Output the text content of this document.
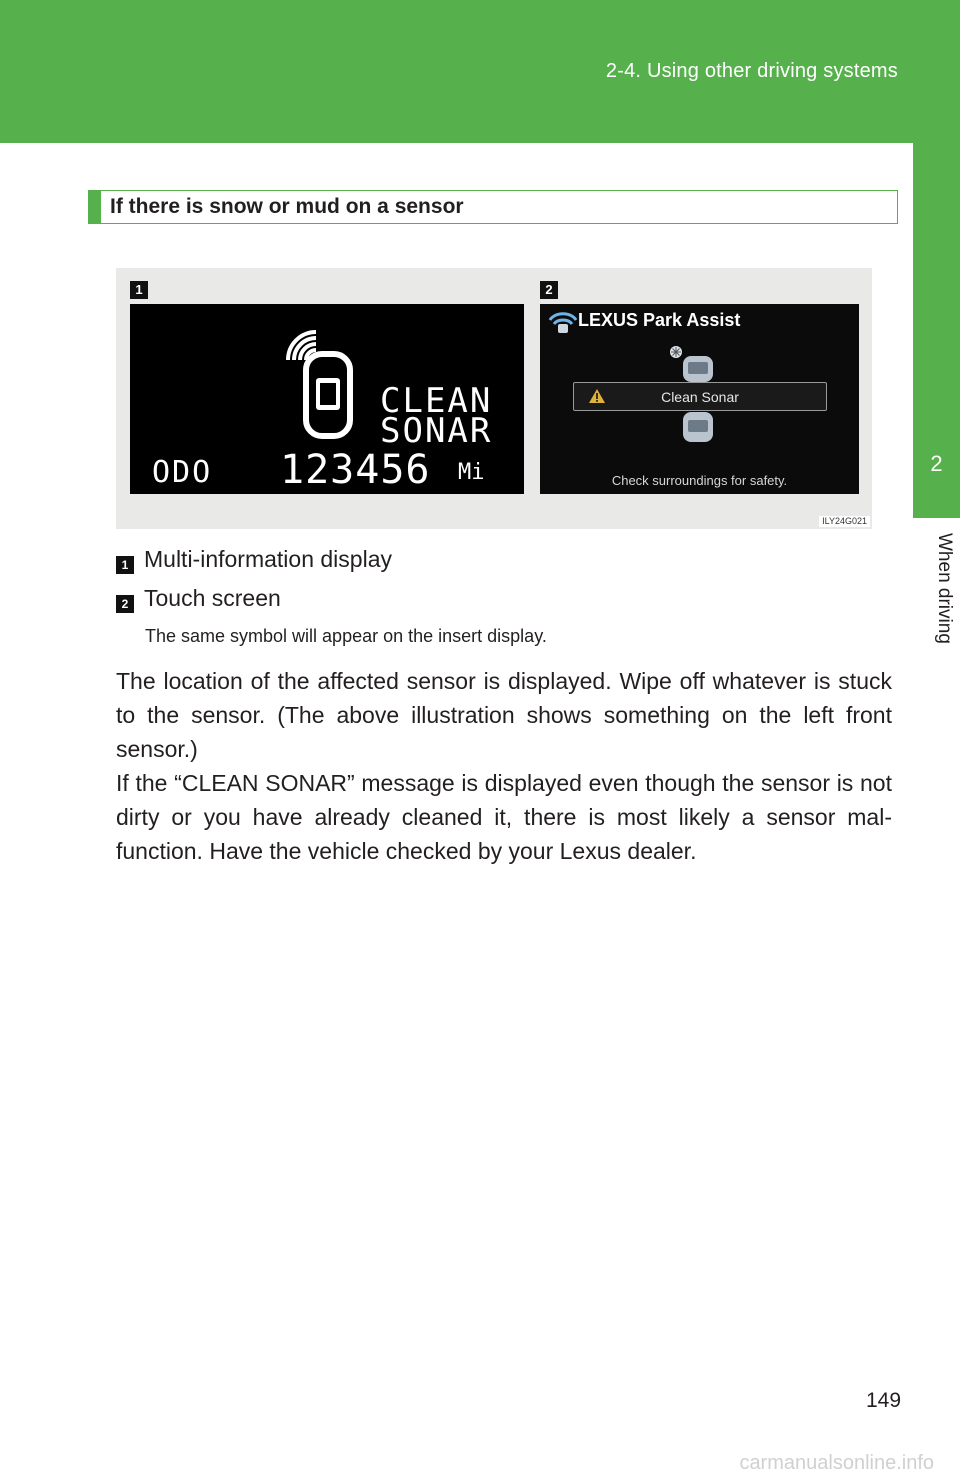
2-4. Using other driving systems
2
When driving
If there is snow or mud on a sensor
1	2
CLEAN
SONAR
ODO 123456 Mi
LEXUS Park Assist
Clean Sonar
Check surroundings for safety.
ILY24G021
1 Multi-information display
2 Touch screen
The same symbol will appear on the insert display.

The location of the affected sensor is displayed. Wipe off whatever is stuck to the sensor. (The above illustration shows something on the left front sensor.)

If the “CLEAN SONAR” message is displayed even though the sensor is not dirty or you have already cleaned it, there is most likely a sensor mal-function. Have the vehicle checked by your Lexus dealer.

149
carmanualsonline.info
